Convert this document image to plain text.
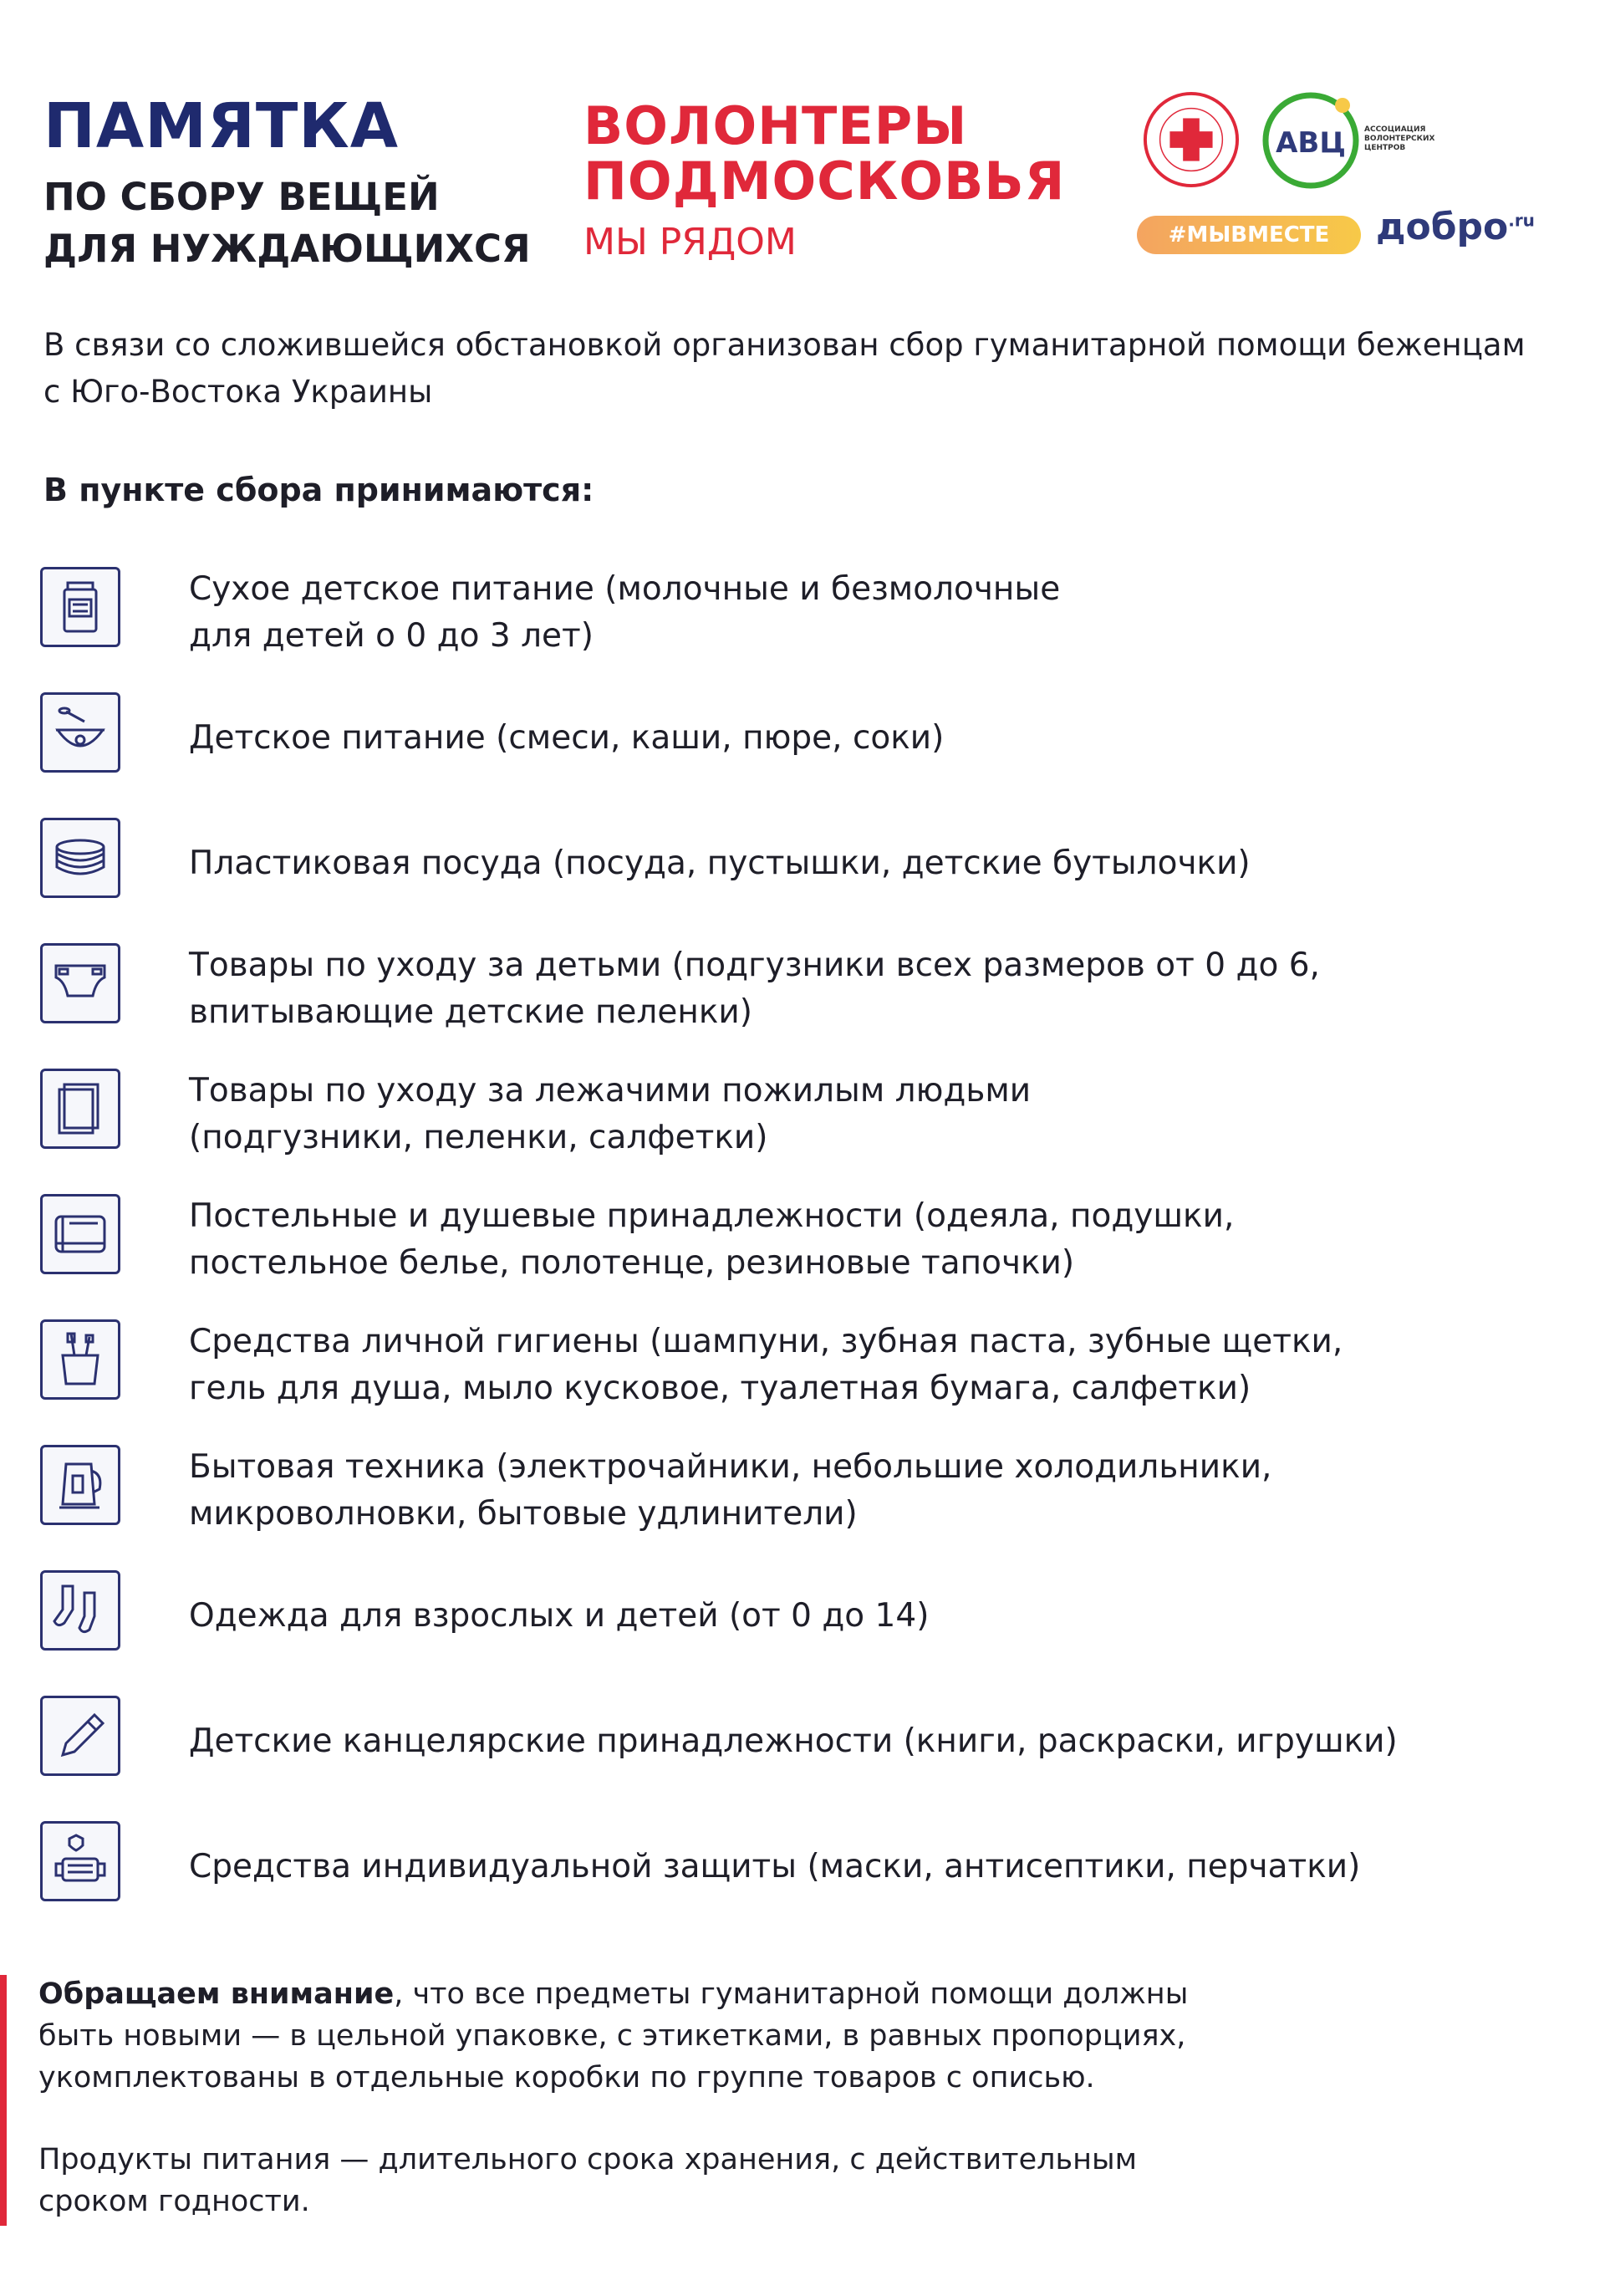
ПАМЯТКА
ПО СБОРУ ВЕЩЕЙ
ДЛЯ НУЖДАЮЩИХСЯ
ВОЛОНТЕРЫ
ПОДМОСКОВЬЯ
МЫ РЯДОМ
АВЦ АССОЦИАЦИЯ ВОЛОНТЕРСКИХ ЦЕНТРОВ
#МЫВМЕСТЕ	добро$^{.ru}$

В связи со сложившейся обстановкой организован сбор гуманитарной помощи беженцам с Юго-Востока Украины

В пункте сбора принимаются:
Сухое детское питание (молочные и безмолочные
для детей о 0 до 3 лет)
Детское питание (смеси, каши, пюре, соки)
Пластиковая посуда (посуда, пустышки, детские бутылочки)
Товары по уходу за детьми (подгузники всех размеров от 0 до 6,
впитывающие детские пеленки)
Товары по уходу за лежачими пожилым людьми
(подгузники, пеленки, салфетки)
Постельные и душевые принадлежности (одеяла, подушки,
постельное белье, полотенце, резиновые тапочки)
Средства личной гигиены (шампуни, зубная паста, зубные щетки,
гель для душа, мыло кусковое, туалетная бумага, салфетки)
Бытовая техника (электрочайники, небольшие холодильники,
микроволновки, бытовые удлинители)
Одежда для взрослых и детей (от 0 до 14)
Детские канцелярские принадлежности (книги, раскраски, игрушки)
Средства индивидуальной защиты (маски, антисептики, перчатки)

Обращаем внимание, что все предметы гуманитарной помощи должны
быть новыми — в цельной упаковке, с этикетками, в равных пропорциях,
укомплектованы в отдельные коробки по группе товаров с описью.

Продукты питания — длительного срока хранения, с действительным
сроком годности.
